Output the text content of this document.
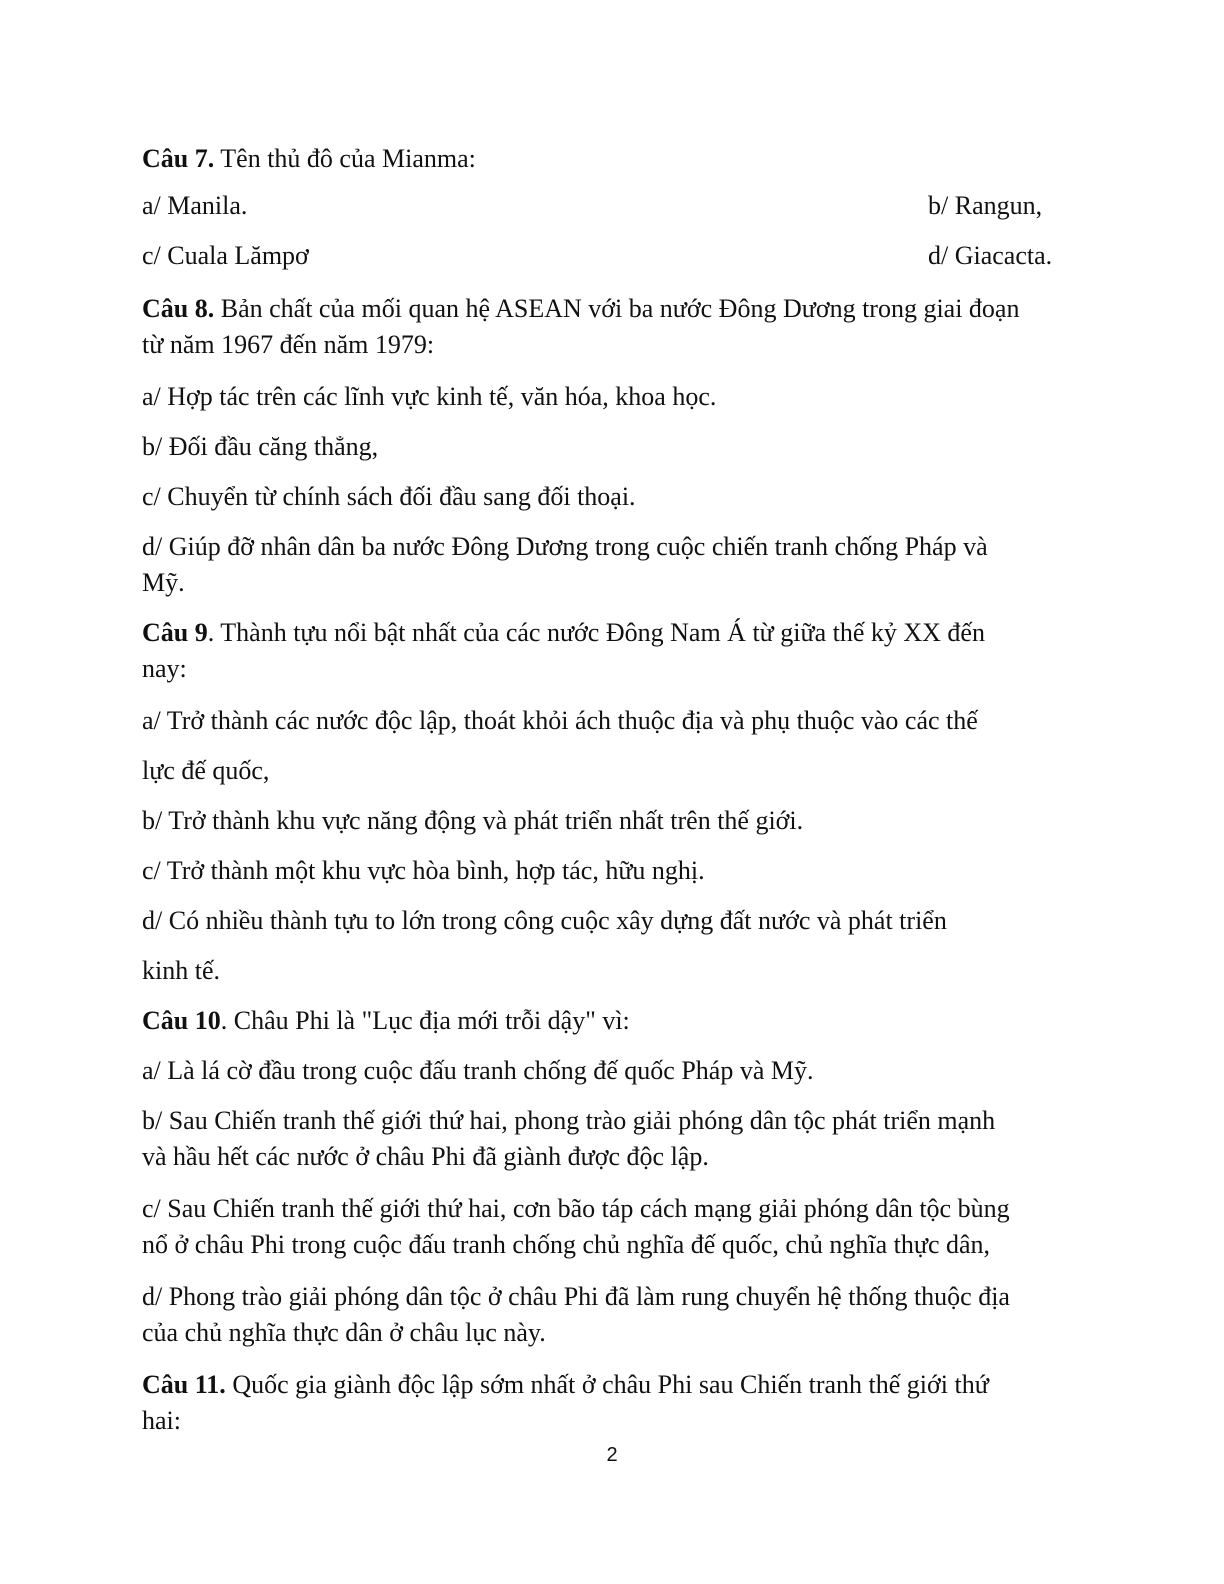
Câu 7. Tên thủ đô của Mianma:

a/ Manila.	b/ Rangun,
c/ Cuala Lămpơ	d/ Giacacta.

Câu 8. Bản chất của mối quan hệ ASEAN với ba nước Đông Dương trong giai đoạn

từ năm 1967 đến năm 1979:

a/ Hợp tác trên các lĩnh vực kinh tế, văn hóa, khoa học.

b/ Đối đầu căng thẳng,

c/ Chuyển từ chính sách đối đầu sang đối thoại.

d/ Giúp đỡ nhân dân ba nước Đông Dương trong cuộc chiến tranh chống Pháp và

Mỹ.

Câu 9. Thành tựu nổi bật nhất của các nước Đông Nam Á từ giữa thế kỷ XX đến

nay:

a/ Trở thành các nước độc lập, thoát khỏi ách thuộc địa và phụ thuộc vào các thế

lực đế quốc,

b/ Trở thành khu vực năng động và phát triển nhất trên thế giới.

c/ Trở thành một khu vực hòa bình, hợp tác, hữu nghị.

d/ Có nhiều thành tựu to lớn trong công cuộc xây dựng đất nước và phát triển

kinh tế.

Câu 10. Châu Phi là "Lục địa mới trỗi dậy" vì:

a/ Là lá cờ đầu trong cuộc đấu tranh chống đế quốc Pháp và Mỹ.

b/ Sau Chiến tranh thế giới thứ hai, phong trào giải phóng dân tộc phát triển mạnh

và hầu hết các nước ở châu Phi đã giành được độc lập.

c/ Sau Chiến tranh thế giới thứ hai, cơn bão táp cách mạng giải phóng dân tộc bùng

nổ ở châu Phi trong cuộc đấu tranh chống chủ nghĩa đế quốc, chủ nghĩa thực dân,

d/ Phong trào giải phóng dân tộc ở châu Phi đã làm rung chuyển hệ thống thuộc địa

của chủ nghĩa thực dân ở châu lục này.

Câu 11. Quốc gia giành độc lập sớm nhất ở châu Phi sau Chiến tranh thế giới thứ

hai:

2
